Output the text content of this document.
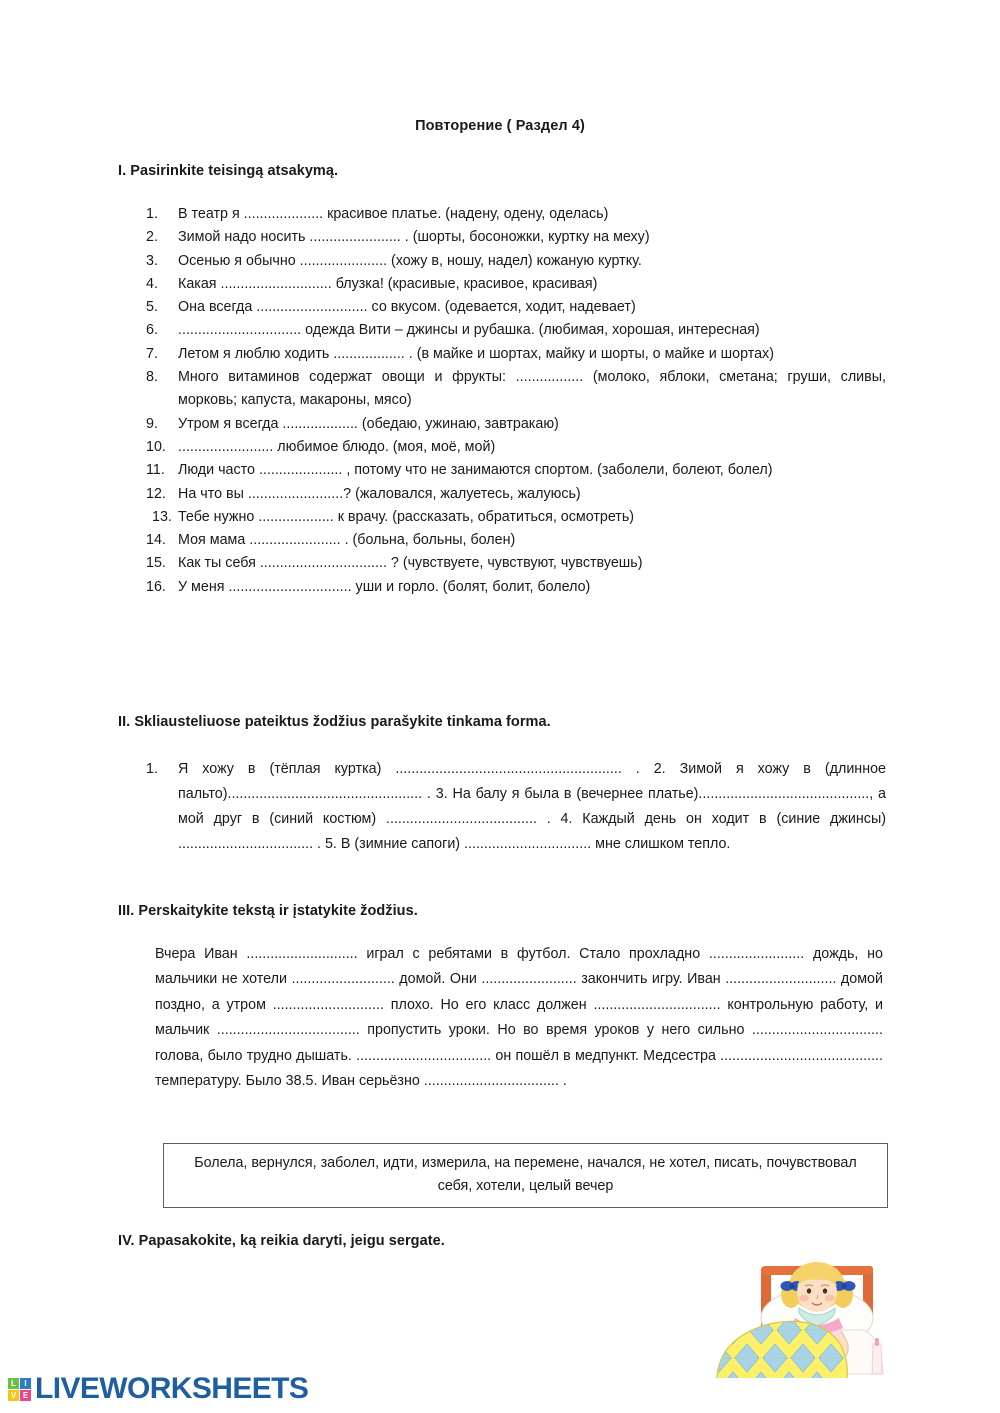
Повторение ( Раздел 4)
I. Pasirinkite teisingą atsakymą.
1.	В театр я .................... красивое платье. (надену, одену, оделась)
2.	Зимой надо носить ....................... . (шорты, босоножки, куртку на меху)
3.	Осенью я обычно ...................... (хожу в, ношу, надел) кожаную куртку.
4.	Какая ............................ блузка! (красивые, красивое, красивая)
5.	Она всегда ............................ со вкусом. (одевается, ходит, надевает)
6.	............................... одежда Вити – джинсы и рубашка. (любимая, хорошая, интересная)
7.	Летом я люблю ходить .................. . (в майке и шортах, майку и шорты, о майке и шортах)
8.	Много витаминов содержат овощи и фрукты: ................. (молоко, яблоки, сметана; груши, сливы, морковь; капуста, макароны, мясо)
9.	Утром я всегда ................... (обедаю, ужинаю, завтракаю)
10. ........................ любимое блюдо. (моя, моё, мой)
11. Люди часто ..................... , потому что не занимаются спортом. (заболели, болеют, болел)
12. На что вы ........................? (жаловался, жалуетесь, жалуюсь)
13. Тебе нужно ................... к врачу. (рассказать, обратиться, осмотреть)
14. Моя мама ....................... . (больна, больны, болен)
15. Как ты себя ................................ ? (чувствуете, чувствуют, чувствуешь)
16. У меня ............................... уши и горло. (болят, болит, болело)
II. Skliausteliuose pateiktus žodžius parašykite tinkama forma.
1.	Я хожу в (тёплая куртка) ......................................................... . 2. Зимой я хожу в (длинное пальто)................................................. . 3. На балу я была в (вечернее платье)..........................................., а мой друг в (синий костюм) ...................................... . 4. Каждый день он ходит в (синие джинсы) .................................. . 5. В (зимние сапоги) ................................ мне слишком тепло.
III. Perskaitykite tekstą ir įstatykite žodžius.
Вчера Иван ............................ играл с ребятами в футбол. Стало прохладно ........................ дождь, но мальчики не хотели .......................... домой. Они ........................ закончить игру. Иван ............................ домой поздно, а утром ............................ плохо. Но его класс должен ................................ контрольную работу, и мальчик .................................... пропустить уроки. Но во время уроков у него сильно ................................. голова, было трудно дышать. .................................. он пошёл в медпункт. Медсестра ......................................... температуру. Было 38.5. Иван серьёзно .................................. .
Болела, вернулся, заболел, идти, измерила, на перемене, начался, не хотел, писать, почувствовал себя, хотели, целый вечер
IV. Papasakokite, ką reikia daryti, jeigu sergate.
L	I
V E LIVEWORKSHEETS
